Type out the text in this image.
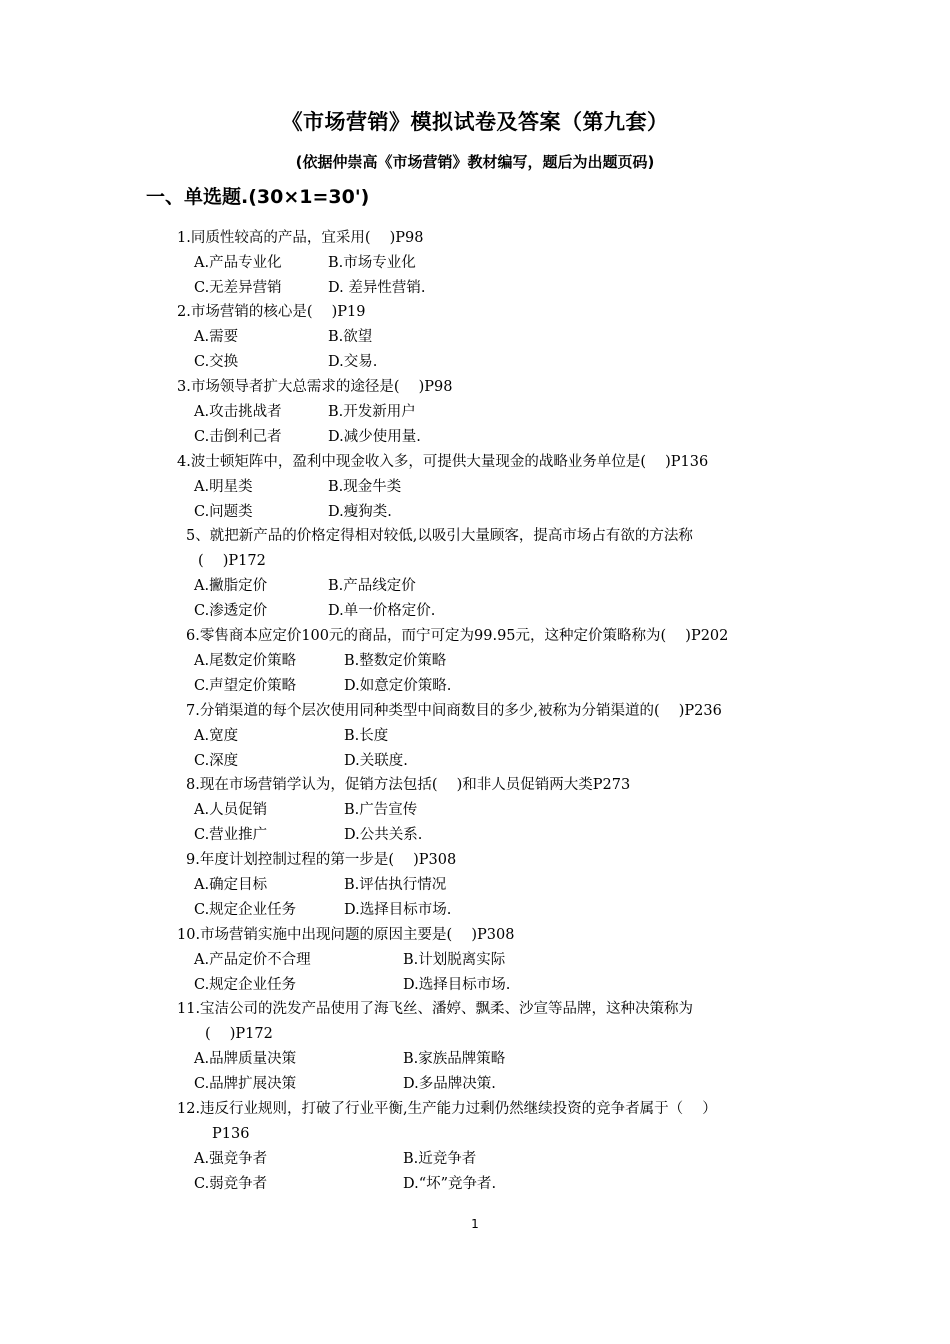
《市场营销》模拟试卷及答案（第九套）
(依据仲崇高《市场营销》教材编写，题后为出题页码)
一、单选题.(30×1=30')
1.同质性较高的产品，宜采用(　 )P98
A.产品专业化	B.市场专业化
C.无差异营销	D. 差异性营销.
2.市场营销的核心是(　 )P19
A.需要	B.欲望
C.交换	D.交易.
3.市场领导者扩大总需求的途径是(　 )P98
A.攻击挑战者	B.开发新用户
C.击倒利己者	D.减少使用量.
4.波士顿矩阵中，盈利中现金收入多，可提供大量现金的战略业务单位是(　 )P136
A.明星类	B.现金牛类
C.问题类	D.瘦狗类.
5、就把新产品的价格定得相对较低,以吸引大量顾客，提高市场占有欲的方法称
(　 )P172
A.撇脂定价	B.产品线定价
C.渗透定价	D.单一价格定价.
6.零售商本应定价100元的商品，而宁可定为99.95元，这种定价策略称为(　 )P202
A.尾数定价策略	B.整数定价策略
C.声望定价策略	D.如意定价策略.
7.分销渠道的每个层次使用同种类型中间商数目的多少,被称为分销渠道的(　 )P236
A.宽度	B.长度
C.深度	D.关联度.
8.现在市场营销学认为，促销方法包括(　 )和非人员促销两大类P273
A.人员促销	B.广告宣传
C.营业推广	D.公共关系.
9.年度计划控制过程的第一步是(　 )P308
A.确定目标	B.评估执行情况
C.规定企业任务	D.选择目标市场.
10.市场营销实施中出现问题的原因主要是(　 )P308
A.产品定价不合理	B.计划脱离实际
C.规定企业任务	D.选择目标市场.
11.宝洁公司的洗发产品使用了海飞丝、潘婷、飘柔、沙宣等品牌，这种决策称为
(　 )P172
A.品牌质量决策	B.家族品牌策略
C.品牌扩展决策	D.多品牌决策.
12.违反行业规则，打破了行业平衡,生产能力过剩仍然继续投资的竞争者属于（　 ）
P136
A.强竞争者	B.近竞争者
C.弱竞争者	D.“坏”竞争者.
1
